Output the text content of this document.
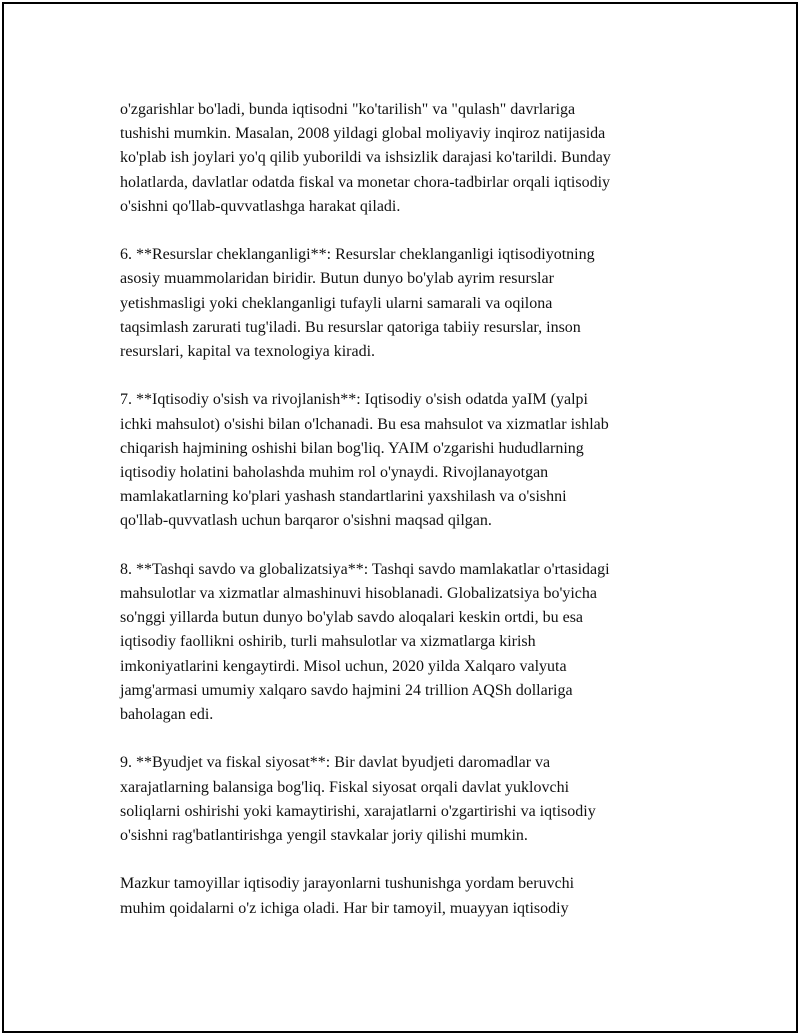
o'zgarishlar bo'ladi, bunda iqtisodni "ko'tarilish" va "qulash" davrlariga
tushishi mumkin. Masalan, 2008 yildagi global moliyaviy inqiroz natijasida
ko'plab ish joylari yo'q qilib yuborildi va ishsizlik darajasi ko'tarildi. Bunday
holatlarda, davlatlar odatda fiskal va monetar chora-tadbirlar orqali iqtisodiy
o'sishni qo'llab-quvvatlashga harakat qiladi.

6. **Resurslar cheklanganligi**: Resurslar cheklanganligi iqtisodiyotning
asosiy muammolaridan biridir. Butun dunyo bo'ylab ayrim resurslar
yetishmasligi yoki cheklanganligi tufayli ularni samarali va oqilona
taqsimlash zarurati tug'iladi. Bu resurslar qatoriga tabiiy resurslar, inson
resurslari, kapital va texnologiya kiradi.

7. **Iqtisodiy o'sish va rivojlanish**: Iqtisodiy o'sish odatda yaIM (yalpi
ichki mahsulot) o'sishi bilan o'lchanadi. Bu esa mahsulot va xizmatlar ishlab
chiqarish hajmining oshishi bilan bog'liq. YAIM o'zgarishi hududlarning
iqtisodiy holatini baholashda muhim rol o'ynaydi. Rivojlanayotgan
mamlakatlarning ko'plari yashash standartlarini yaxshilash va o'sishni
qo'llab-quvvatlash uchun barqaror o'sishni maqsad qilgan.

8. **Tashqi savdo va globalizatsiya**: Tashqi savdo mamlakatlar o'rtasidagi
mahsulotlar va xizmatlar almashinuvi hisoblanadi. Globalizatsiya bo'yicha
so'nggi yillarda butun dunyo bo'ylab savdo aloqalari keskin ortdi, bu esa
iqtisodiy faollikni oshirib, turli mahsulotlar va xizmatlarga kirish
imkoniyatlarini kengaytirdi. Misol uchun, 2020 yilda Xalqaro valyuta
jamg'armasi umumiy xalqaro savdo hajmini 24 trillion AQSh dollariga
baholagan edi.

9. **Byudjet va fiskal siyosat**: Bir davlat byudjeti daromadlar va
xarajatlarning balansiga bog'liq. Fiskal siyosat orqali davlat yuklovchi
soliqlarni oshirishi yoki kamaytirishi, xarajatlarni o'zgartirishi va iqtisodiy
o'sishni rag'batlantirishga yengil stavkalar joriy qilishi mumkin.

Mazkur tamoyillar iqtisodiy jarayonlarni tushunishga yordam beruvchi
muhim qoidalarni o'z ichiga oladi. Har bir tamoyil, muayyan iqtisodiy
